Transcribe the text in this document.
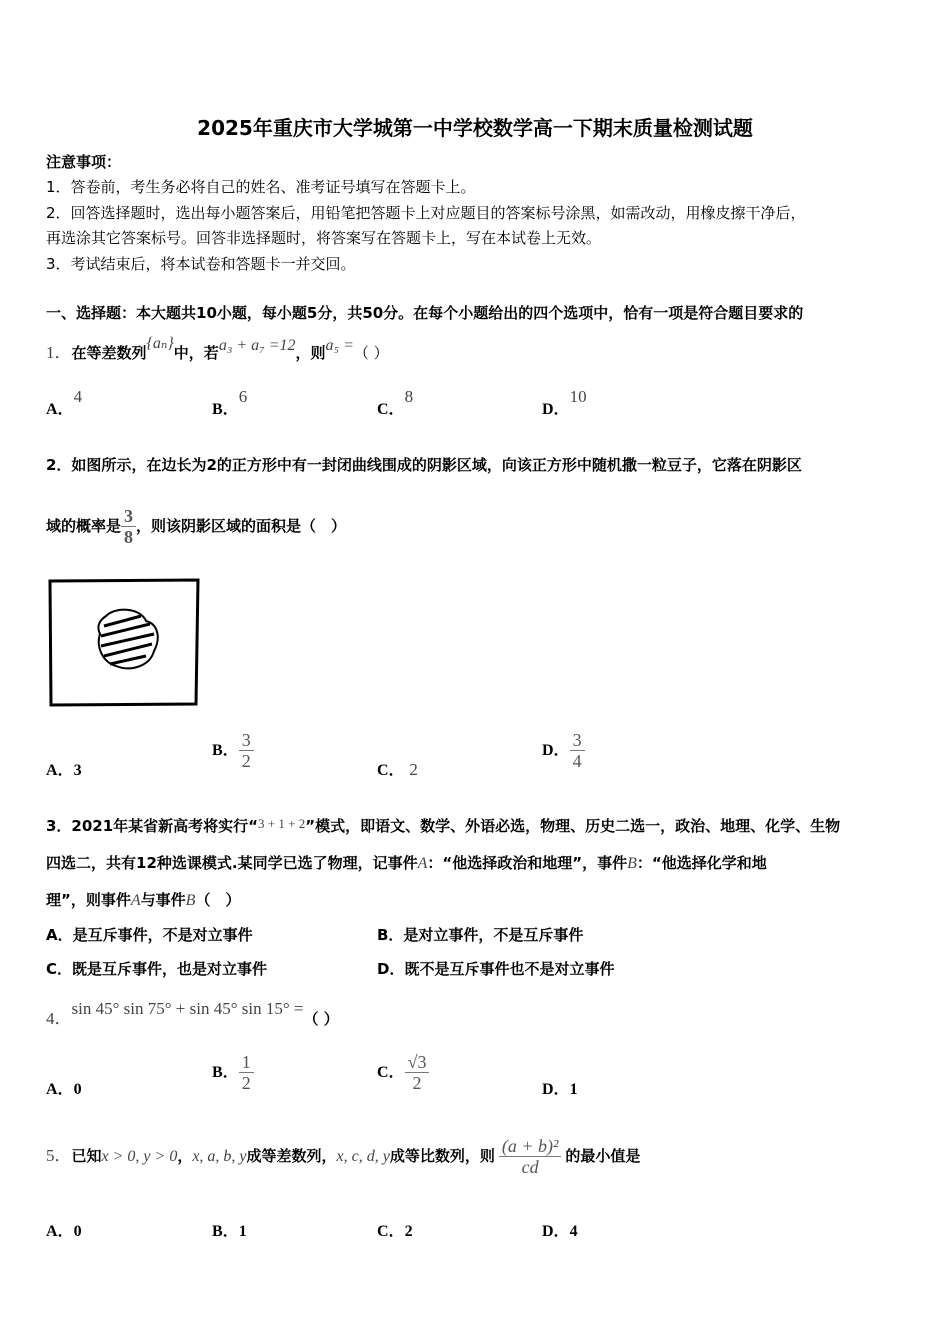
2025年重庆市大学城第一中学校数学高一下期末质量检测试题
注意事项：
1．答卷前，考生务必将自己的姓名、准考证号填写在答题卡上。
2．回答选择题时，选出每小题答案后，用铅笔把答题卡上对应题目的答案标号涂黑，如需改动，用橡皮擦干净后，
再选涂其它答案标号。回答非选择题时，将答案写在答题卡上，写在本试卷上无效。
3．考试结束后，将本试卷和答题卡一并交回。
一、选择题：本大题共10小题，每小题5分，共50分。在每个小题给出的四个选项中，恰有一项是符合题目要求的
1．在等差数列{aₙ}中，若a₃ + a₇ =12，则a₅ =（ ）
A．4
B．6
C．8
D．10
2．如图所示，在边长为2的正方形中有一封闭曲线围成的阴影区域，向该正方形中随机撒一粒豆子，它落在阴影区
域的概率是 $\frac{3}{8}$ ，则该阴影区域的面积是（　）
A．3
B． $\frac{3}{2}$	C． 2
D． $\frac{3}{4}$
3．2021年某省新高考将实行“3 + 1 + 2”模式，即语文、数学、外语必选，物理、历史二选一，政治、地理、化学、生物
四选二，共有12种选课模式.某同学已选了物理，记事件A：“他选择政治和地理”，事件B：“他选择化学和地
理”，则事件A与事件B（　）
A．是互斥事件，不是对立事件	B．是对立事件，不是互斥事件
C．既是互斥事件，也是对立事件	D．既不是互斥事件也不是对立事件
4．sin 45° sin 75° + sin 45° sin 15° =（ ）
A．0
B． $\frac{1}{2}$	C． $\frac{√3}{2}$	D．1
5．已知x > 0, y > 0，x, a, b, y成等差数列，x, c, d, y成等比数列，则 $\frac{\text{(a + b)²}}{cd}$ 的最小值是
A．0	B．1	C．2	D．4
